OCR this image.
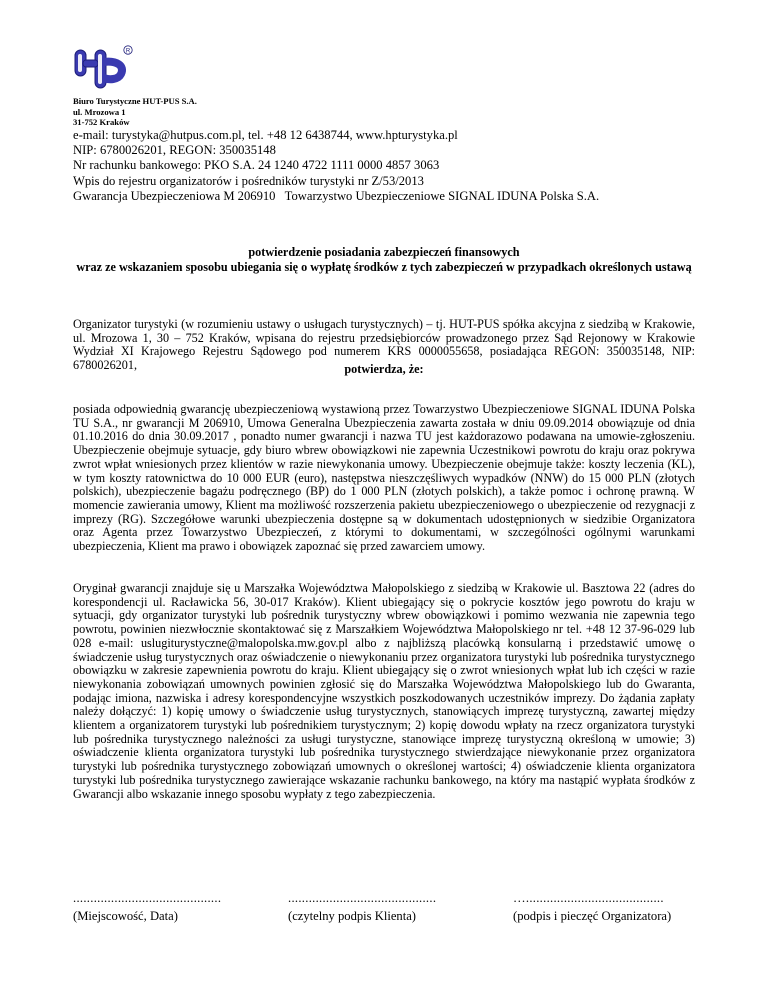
R
Biuro Turystyczne HUT-PUS S.A.
ul. Mrozowa 1
31-752 Kraków
e-mail: turystyka@hutpus.com.pl, tel. +48 12 6438744, www.hpturystyka.pl
NIP: 6780026201, REGON: 350035148
Nr rachunku bankowego: PKO S.A. 24 1240 4722 1111 0000 4857 3063
Wpis do rejestru organizatorów i pośredników turystyki nr Z/53/2013
Gwarancja Ubezpieczeniowa M 206910   Towarzystwo Ubezpieczeniowe SIGNAL IDUNA Polska S.A.
potwierdzenie posiadania zabezpieczeń finansowych
wraz ze wskazaniem sposobu ubiegania się o wypłatę środków z tych zabezpieczeń w przypadkach określonych ustawą
Organizator turystyki (w rozumieniu ustawy o usługach turystycznych) – tj. HUT-PUS spółka akcyjna z siedzibą w Krakowie, ul. Mrozowa 1, 30 – 752 Kraków, wpisana do rejestru przedsiębiorców prowadzonego przez Sąd Rejonowy w Krakowie Wydział XI Krajowego Rejestru Sądowego pod numerem KRS 0000055658, posiadająca REGON: 350035148, NIP: 6780026201,	potwierdza, że:
posiada odpowiednią gwarancję ubezpieczeniową wystawioną przez Towarzystwo Ubezpieczeniowe SIGNAL IDUNA Polska TU S.A., nr gwarancji M 206910, Umowa Generalna Ubezpieczenia zawarta została w dniu 09.09.2014 obowiązuje od dnia 01.10.2016 do dnia 30.09.2017 , ponadto numer gwarancji i nazwa TU jest każdorazowo podawana na umowie-zgłoszeniu. Ubezpieczenie obejmuje sytuacje, gdy biuro wbrew obowiązkowi nie zapewnia Uczestnikowi powrotu do kraju oraz pokrywa zwrot wpłat wniesionych przez klientów w razie niewykonania umowy. Ubezpieczenie obejmuje także: koszty leczenia (KL), w tym koszty ratownictwa do 10 000 EUR (euro), następstwa nieszczęśliwych wypadków (NNW) do 15 000 PLN (złotych polskich), ubezpieczenie bagażu podręcznego (BP) do 1 000 PLN (złotych polskich), a także pomoc i ochronę prawną. W momencie zawierania umowy, Klient ma możliwość rozszerzenia pakietu ubezpieczeniowego o ubezpieczenie od rezygnacji z imprezy (RG). Szczegółowe warunki ubezpieczenia dostępne są w dokumentach udostępnionych w siedzibie Organizatora oraz Agenta przez Towarzystwo Ubezpieczeń, z którymi to dokumentami, w szczególności ogólnymi warunkami ubezpieczenia, Klient ma prawo i obowiązek zapoznać się przed zawarciem umowy.
Oryginał gwarancji znajduje się u Marszałka Województwa Małopolskiego z siedzibą w Krakowie ul. Basztowa 22 (adres do korespondencji ul. Racławicka 56, 30-017 Kraków). Klient ubiegający się o pokrycie kosztów jego powrotu do kraju w sytuacji, gdy organizator turystyki lub pośrednik turystyczny wbrew obowiązkowi i pomimo wezwania nie zapewnia tego powrotu, powinien niezwłocznie skontaktować się z Marszałkiem Województwa Małopolskiego nr tel. +48 12 37-96-029 lub 028 e-mail: uslugiturystyczne@malopolska.mw.gov.pl albo z najbliższą placówką konsularną i przedstawić umowę o świadczenie usług turystycznych oraz oświadczenie o niewykonaniu przez organizatora turystyki lub pośrednika turystycznego obowiązku w zakresie zapewnienia powrotu do kraju. Klient ubiegający się o zwrot wniesionych wpłat lub ich części w razie niewykonania zobowiązań umownych powinien zgłosić się do Marszałka Województwa Małopolskiego lub do Gwaranta, podając imiona, nazwiska i adresy korespondencyjne wszystkich poszkodowanych uczestników imprezy. Do żądania zapłaty należy dołączyć: 1) kopię umowy o świadczenie usług turystycznych, stanowiących imprezę turystyczną, zawartej między klientem a organizatorem turystyki lub pośrednikiem turystycznym; 2) kopię dowodu wpłaty na rzecz organizatora turystyki lub pośrednika turystycznego należności za usługi turystyczne, stanowiące imprezę turystyczną określoną w umowie; 3) oświadczenie klienta organizatora turystyki lub pośrednika turystycznego stwierdzające niewykonanie przez organizatora turystyki lub pośrednika turystycznego zobowiązań umownych o określonej wartości; 4) oświadczenie klienta organizatora turystyki lub pośrednika turystycznego zawierające wskazanie rachunku bankowego, na który ma nastąpić wypłata środków z Gwarancji albo wskazanie innego sposobu wypłaty z tego zabezpieczenia.
...........................................
(Miejscowość, Data)
...........................................
(czytelny podpis Klienta)
…........................................
(podpis i pieczęć Organizatora)
